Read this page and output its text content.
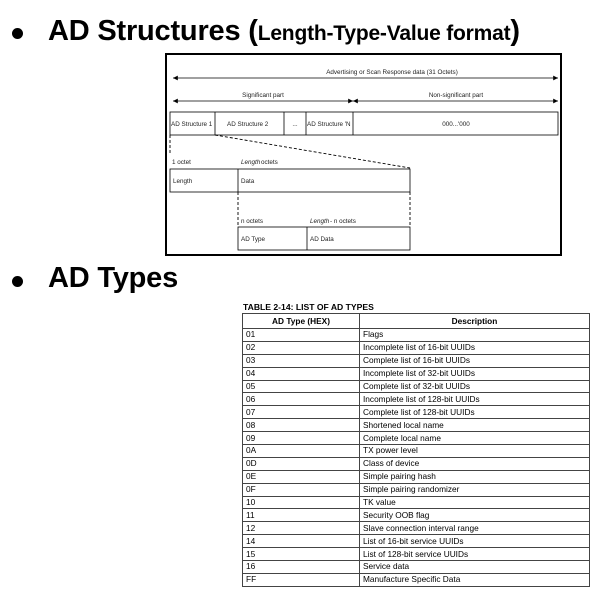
AD Structures (Length-Type-Value format)
Advertising or Scan Response data (31 Octets)
Significant part	Non-significant part
AD Structure 1 AD Structure 2	... AD Structure 'N	000...'000
1 octet	Length octets
Length	Data
n octets	Length - n octets
AD Type	AD Data
AD Types
TABLE 2-14: LIST OF AD TYPES
AD Type (HEX)	Description
01	Flags
02	Incomplete list of 16-bit UUIDs
03	Complete list of 16-bit UUIDs
04	Incomplete list of 32-bit UUIDs
05	Complete list of 32-bit UUIDs
06	Incomplete list of 128-bit UUIDs
07	Complete list of 128-bit UUIDs
08	Shortened local name
09	Complete local name
0A	TX power level
0D	Class of device
0E	Simple pairing hash
0F	Simple pairing randomizer
10	TK value
11	Security OOB flag
12	Slave connection interval range
14	List of 16-bit service UUIDs
15	List of 128-bit service UUIDs
16	Service data
FF	Manufacture Specific Data
